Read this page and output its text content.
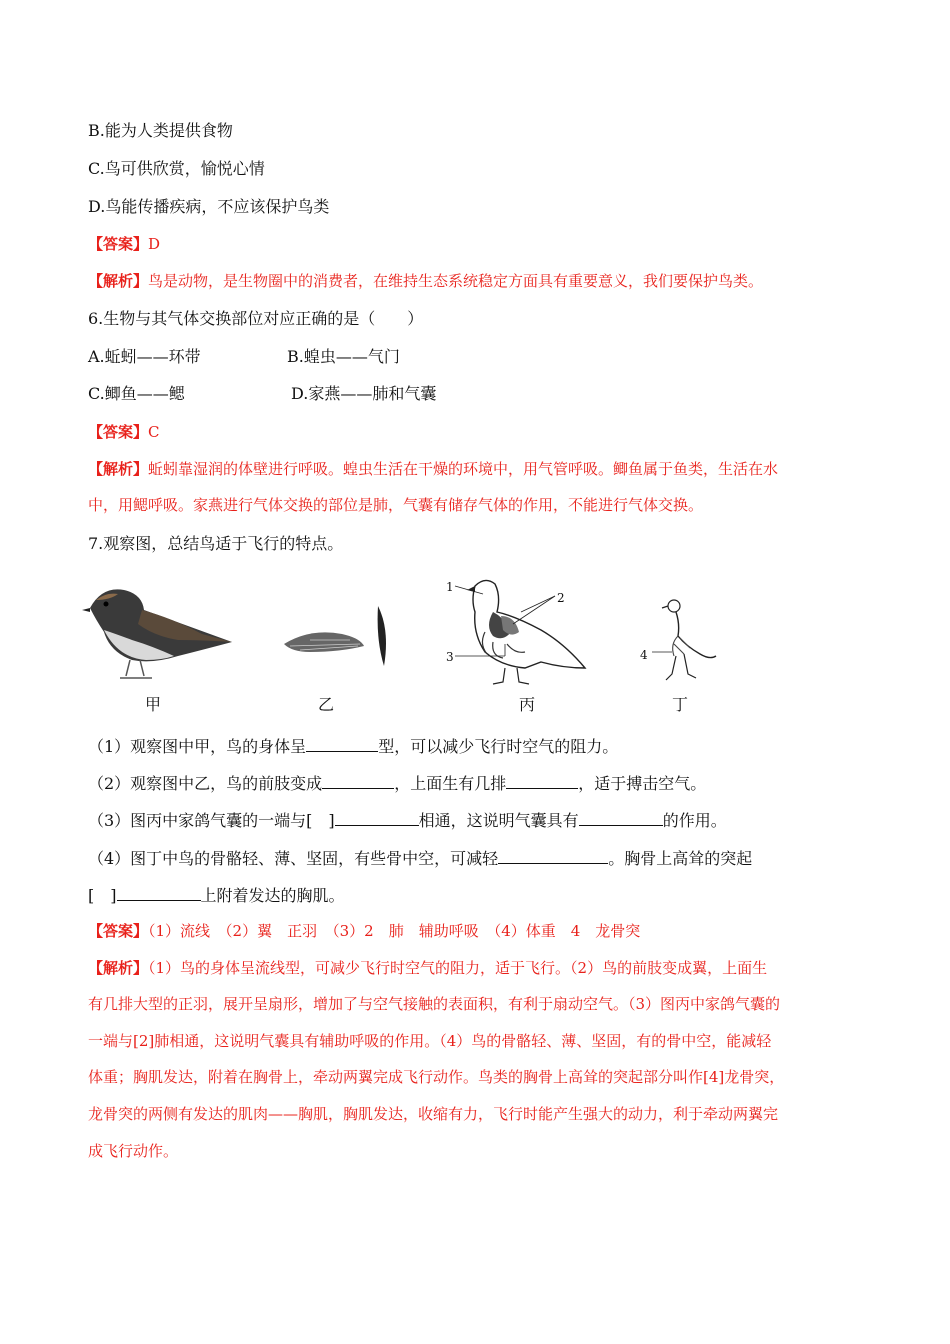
B.能为人类提供食物
C.鸟可供欣赏，愉悦心情
D.鸟能传播疾病，不应该保护鸟类
【答案】D
【解析】鸟是动物，是生物圈中的消费者，在维持生态系统稳定方面具有重要意义，我们要保护鸟类。
6.生物与其气体交换部位对应正确的是（　　）
A.蚯蚓——环带	B.蝗虫——气门
C.鲫鱼——鳃	D.家燕——肺和气囊
【答案】C
【解析】蚯蚓靠湿润的体壁进行呼吸。蝗虫生活在干燥的环境中，用气管呼吸。鲫鱼属于鱼类，生活在水
中，用鳃呼吸。家燕进行气体交换的部位是肺，气囊有储存气体的作用，不能进行气体交换。
7.观察图，总结鸟适于飞行的特点。
甲	乙
1
2
3
丙
4
丁
（1）观察图中甲，鸟的身体呈	型，可以减少飞行时空气的阻力。
（2）观察图中乙，鸟的前肢变成	，上面生有几排	，适于搏击空气。
（3）图丙中家鸽气囊的一端与[　]	相通，这说明气囊具有	的作用。
（4）图丁中鸟的骨骼轻、薄、坚固，有些骨中空，可减轻	。胸骨上高耸的突起
[　]	上附着发达的胸肌。
【答案】（1）流线　（2）翼　正羽　（3）2　肺　辅助呼吸　（4）体重　4　龙骨突
【解析】（1）鸟的身体呈流线型，可减少飞行时空气的阻力，适于飞行。（2）鸟的前肢变成翼，上面生
有几排大型的正羽，展开呈扇形，增加了与空气接触的表面积，有利于扇动空气。（3）图丙中家鸽气囊的
一端与[2]肺相通，这说明气囊具有辅助呼吸的作用。（4）鸟的骨骼轻、薄、坚固，有的骨中空，能减轻
体重；胸肌发达，附着在胸骨上，牵动两翼完成飞行动作。鸟类的胸骨上高耸的突起部分叫作[4]龙骨突，
龙骨突的两侧有发达的肌肉——胸肌，胸肌发达，收缩有力，飞行时能产生强大的动力，利于牵动两翼完
成飞行动作。
